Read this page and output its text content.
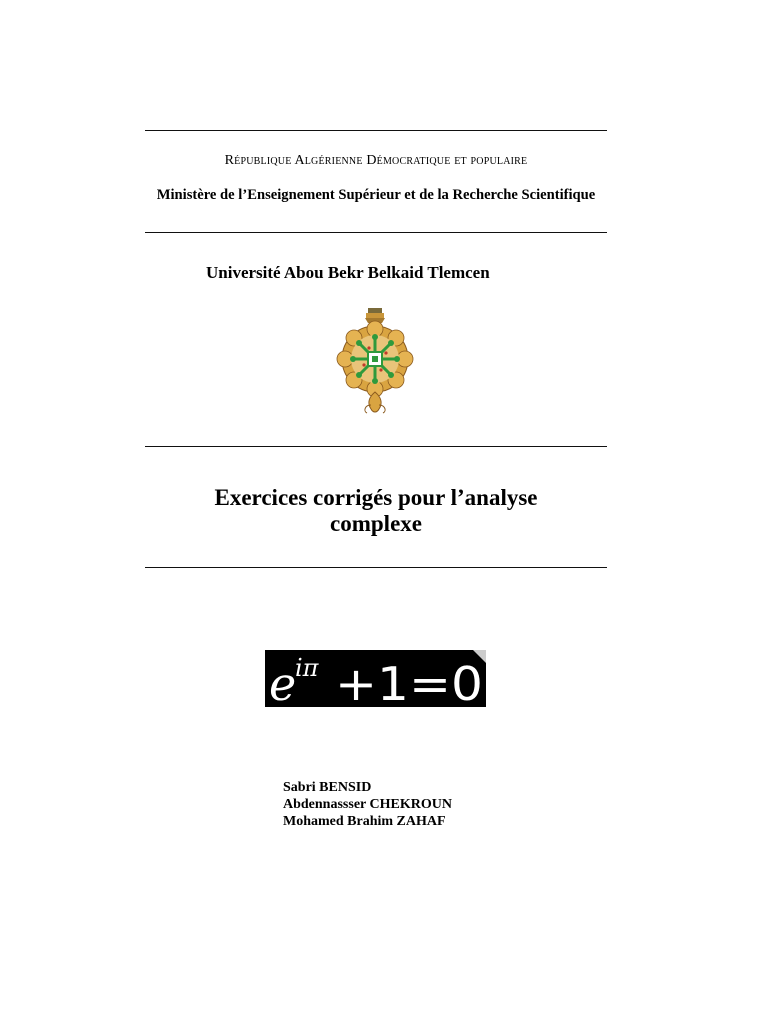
République Algérienne Démocratique et populaire
Ministère de l’Enseignement Supérieur et de la Recherche Scientifique
Université Abou Bekr Belkaid Tlemcen
Exercices corrigés pour l’analyse
complexe
e
iπ +1=0
Sabri BENSID
Abdennassser CHEKROUN
Mohamed Brahim ZAHAF
